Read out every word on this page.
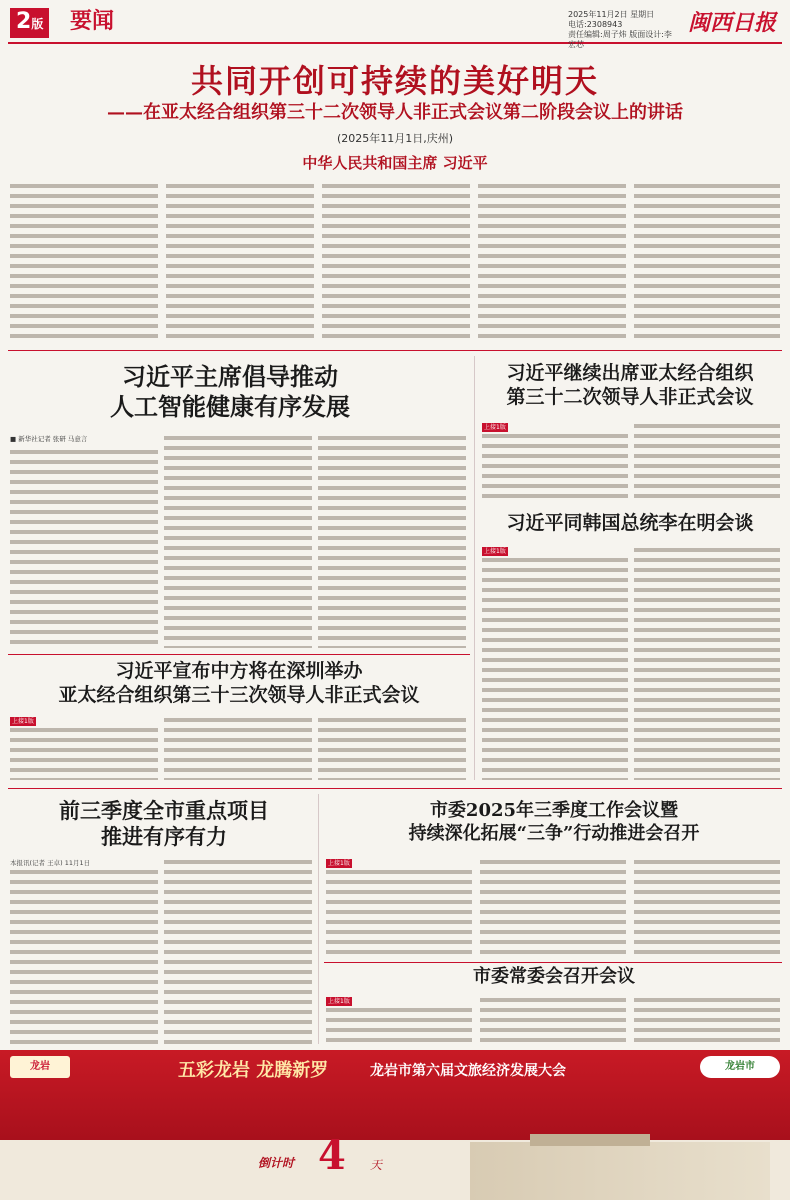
2版 要闻	2025年11月2日 星期日
电话:2308943
责任编辑:周子炜 版面设计:李宏芯
闽西日报
共同开创可持续的美好明天
——在亚太经合组织第三十二次领导人非正式会议第二阶段会议上的讲话
(2025年11月1日,庆州)
中华人民共和国主席 习近平
习近平主席倡导推动
人工智能健康有序发展
■ 新华社记者 张研 马意言
习近平继续出席亚太经合组织
第三十二次领导人非正式会议
上接1版
习近平同韩国总统李在明会谈
上接1版
习近平宣布中方将在深圳举办
亚太经合组织第三十三次领导人非正式会议
上接1版
前三季度全市重点项目
推进有序有力
本报讯(记者 王卓) 11月1日
市委2025年三季度工作会议暨
持续深化拓展“三争”行动推进会召开
上接1版
市委常委会召开会议
上接1版
龙岩	五彩龙岩 龙腾新罗	龙岩市第六届文旅经济发展大会	龙岩市
倒计时 4 天
